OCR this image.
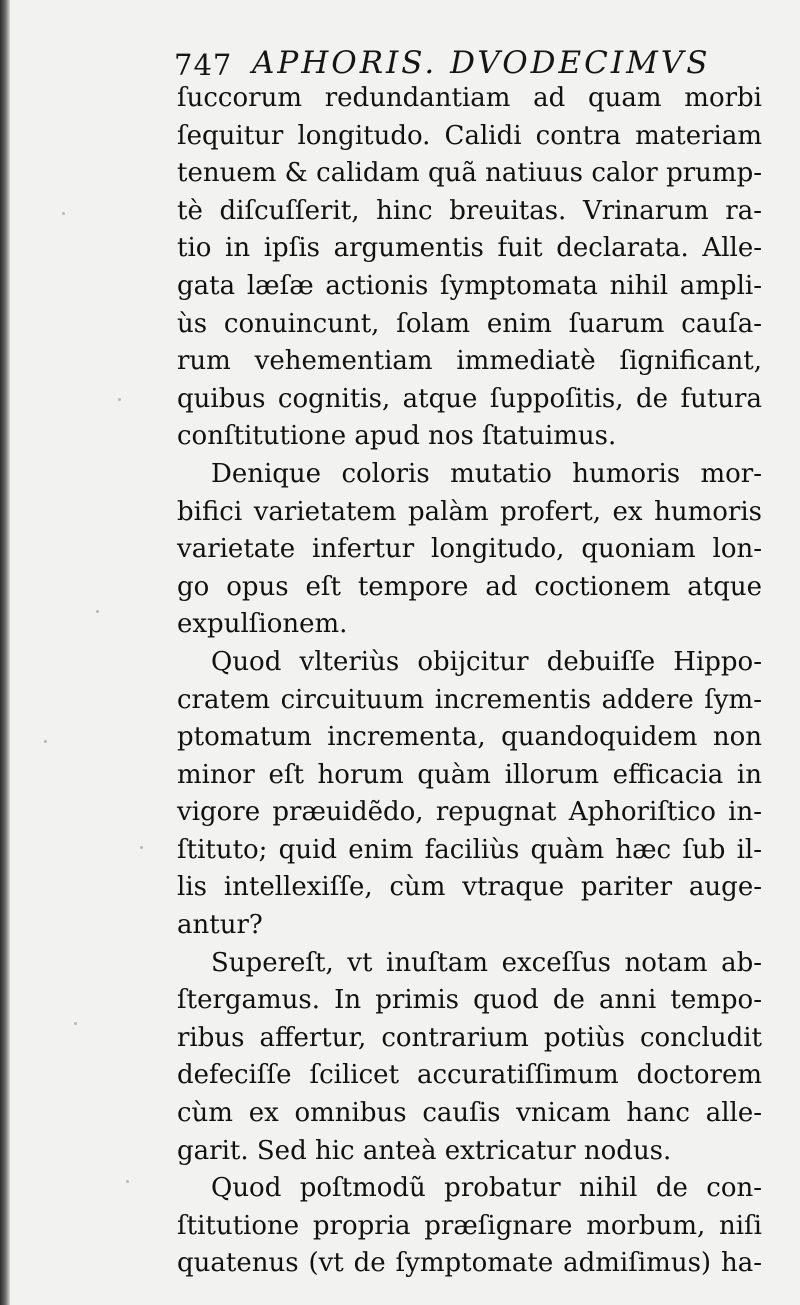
747 APHORIS. DVODECIMVS
ſuccorum redundantiam ad quam morbi
ſequitur longitudo. Calidi contra materiam
tenuem & calidam quã natiuus calor prump-
tè diſcuſſerit, hinc breuitas. Vrinarum ra-
tio in ipſis argumentis fuit declarata. Alle-
gata læſæ actionis ſymptomata nihil ampli-
ùs conuincunt, ſolam enim ſuarum cauſa-
rum vehementiam immediatè ſignificant,
quibus cognitis, atque ſuppoſitis, de futura
conſtitutione apud nos ſtatuimus.
Denique coloris mutatio humoris mor-
bifici varietatem palàm profert, ex humoris
varietate infertur longitudo, quoniam lon-
go opus eſt tempore ad coctionem atque
expulſionem.
Quod vlteriùs obijcitur debuiſſe Hippo-
cratem circuituum incrementis addere ſym-
ptomatum incrementa, quandoquidem non
minor eſt horum quàm illorum efficacia in
vigore præuidẽdo, repugnat Aphoriſtico in-
ſtituto; quid enim faciliùs quàm hæc ſub il-
lis intellexiſſe, cùm vtraque pariter auge-
antur?
Supereſt, vt inuſtam exceſſus notam ab-
ſtergamus. In primis quod de anni tempo-
ribus affertur, contrarium potiùs concludit
defeciſſe ſcilicet accuratiſſimum doctorem
cùm ex omnibus cauſis vnicam hanc alle-
garit. Sed hic anteà extricatur nodus.
Quod poſtmodũ probatur nihil de con-
ſtitutione propria præſignare morbum, niſi
quatenus (vt de ſymptomate admiſimus) ha-
